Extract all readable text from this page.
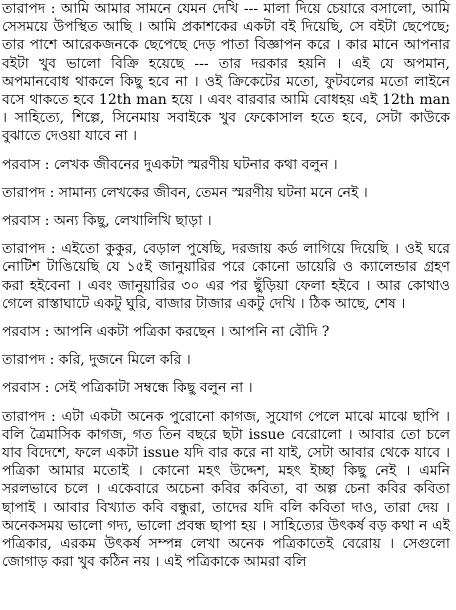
তারাপদ : আমি আমার সামনে যেমন দেখি --- মালা দিয়ে চেয়ারে বসালো, আমি সেসময়ে উপস্থিত আছি । আমি প্রকাশকের একটা বই দিয়েছি, সে বইটা ছেপেছে; তার পাশে আরেকজনকে ছেপেছে দেড় পাতা বিজ্ঞাপন করে । কার মানে আপনার বইটা খুব ভালো বিক্রি হয়েছে --- তার দরকার হয়নি । এই যে অপমান, অপমানবোধ থাকলে কিছু হবে না । ওই ক্রিকেটের মতো, ফুটবলের মতো লাইনে বসে থাকতে হবে 12th man হয়ে । এবং বারবার আমি বোধহয় এই 12th man । সাহিত্যে, শিল্পে, সিনেমায় সবাইকে খুব ফেকোসাল হতে হবে, সেটা কাউকে বুঝাতে দেওয়া যাবে না ।

পরবাস : লেখক জীবনের দুএকটা স্মরণীয় ঘটনার কথা বলুন ।

তারাপদ : সামান্য লেখকের জীবন, তেমন স্মরণীয় ঘটনা মনে নেই ।

পরবাস : অন্য কিছু, লেখালিখি ছাড়া ।

তারাপদ : এইতো কুকুর, বেড়াল পুষেছি, দরজায় কর্ড লাগিয়ে দিয়েছি । ওই ঘরে নোটিশ টাঙিয়েছি যে ১৫ই জানুয়ারির পরে কোনো ডায়েরি ও ক্যালেন্ডার গ্রহণ করা হইবেনা । এবং জানুয়ারির ৩০ এর পর ছুঁড়িয়া ফেলা হইবে । আর কোথাও গেলে রাস্তাঘাটে একটু ঘুরি, বাজার টাজার একটু দেখি । ঠিক আছে, শেষ ।

পরবাস : আপনি একটা পত্রিকা করছেন । আপনি না বৌদি ?

তারাপদ : করি, দুজনে মিলে করি ।

পরবাস : সেই পত্রিকাটা সম্বন্ধে কিছু বলুন না ।

তারাপদ : এটা একটা অনেক পুরোনো কাগজ, সুযোগ পেলে মাঝে মাঝে ছাপি । বলি ত্রৈমাসিক কাগজ, গত তিন বছরে ছটা issue বেরোলো । আবার তো চলে যাব বিদেশে, ফলে একটা issue যদি বার করে না যাই, সেটা আবার থেকে যাবে । পত্রিকা আমার মতোই । কোনো মহৎ উদ্দেশ, মহৎ ইচ্ছা কিছু নেই । এমনি সরলভাবে চলে । একেবারে অচেনা কবির কবিতা, বা অল্প চেনা কবির কবিতা ছাপাই । আবার বিখ্যাত কবি বন্ধুরা, তাদের যদি বলি কবিতা দাও, তারা দেয় । অনেকসময় ভালো গদ্য, ভালো প্রবন্ধ ছাপা হয় । সাহিত্যের উৎকর্ষ বড় কথা ন এই পত্রিকার, এরকম উৎকর্ষ সম্পন্ন লেখা অনেক পত্রিকাতেই বেরোয় । সেগুলো জোগাড় করা খুব কঠিন নয় । এই পত্রিকাকে আমরা বলি
